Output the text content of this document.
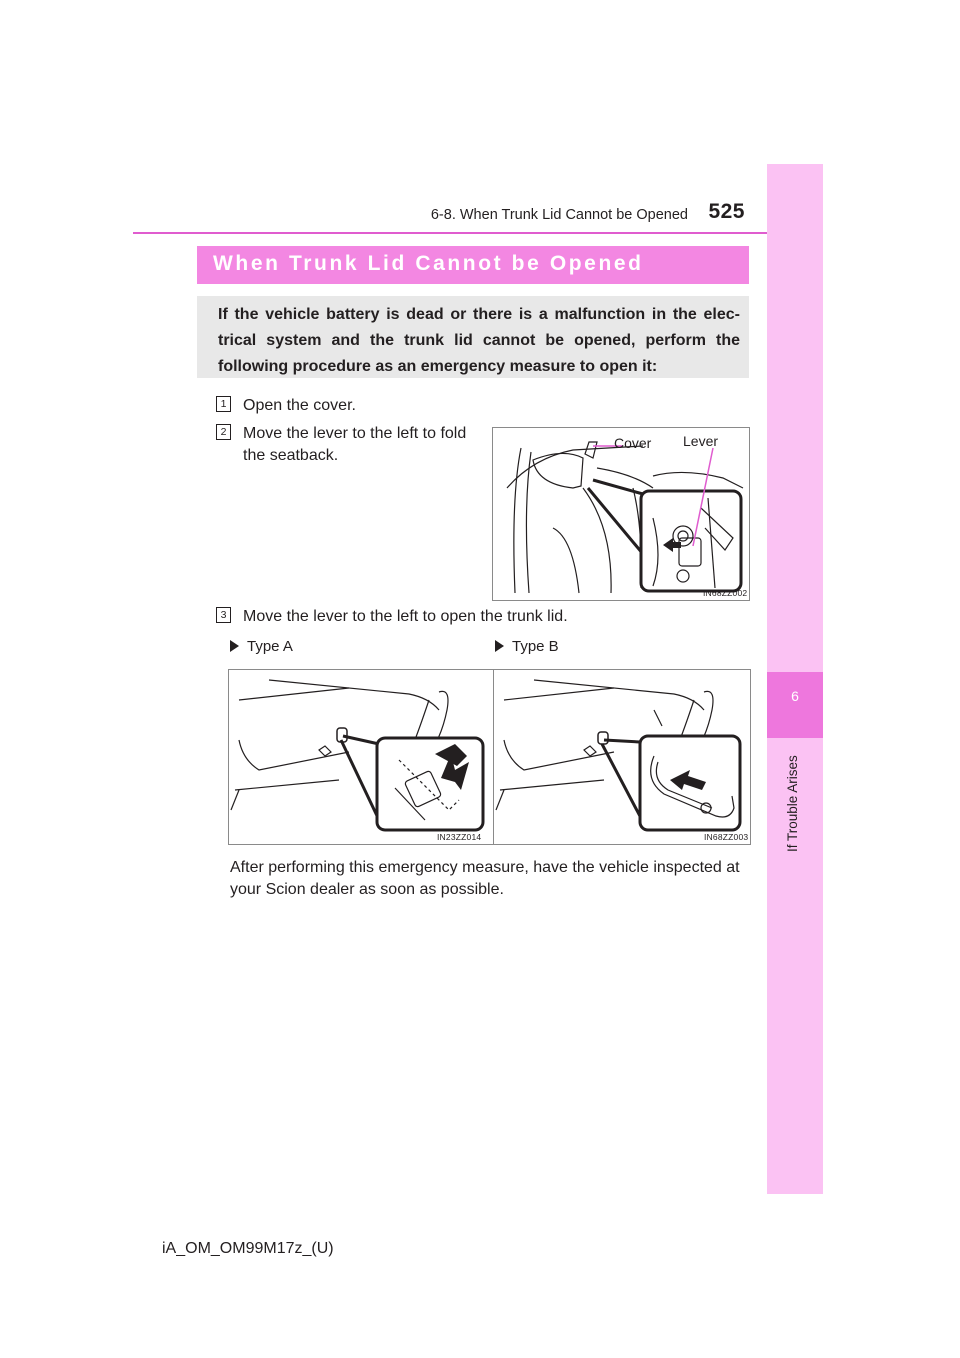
6-8. When Trunk Lid Cannot be Opened 525
6
If Trouble Arises
When Trunk Lid Cannot be Opened
If the vehicle battery is dead or there is a malfunction in the elec-trical system and the trunk lid cannot be opened, perform the following procedure as an emergency measure to open it:
1 Open the cover.
2 Move the lever to the left to fold the seatback.
Cover Lever
IN68ZZ002
3 Move the lever to the left to open the trunk lid.
Type A	Type B
IN23ZZ014	IN68ZZ003
After performing this emergency measure, have the vehicle inspected at your Scion dealer as soon as possible.
iA_OM_OM99M17z_(U)
